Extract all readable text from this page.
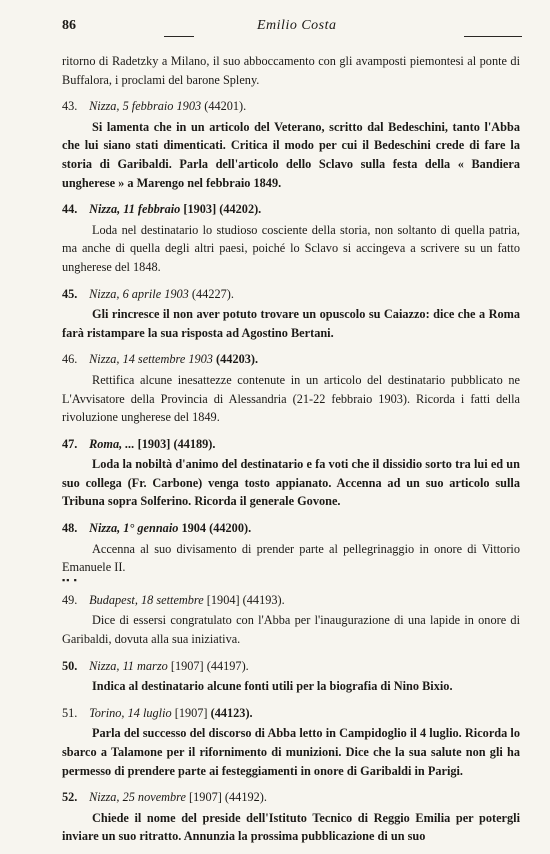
86	Emilio Costa

ritorno di Radetzky a Milano, il suo abboccamento con gli avamposti piemontesi al ponte di Buffalora, i proclami del barone Spleny.

43. Nizza, 5 febbraio 1903 (44201).

Si lamenta che in un articolo del Veterano, scritto dal Bedeschini, tanto l'Abba che lui siano stati dimenticati. Critica il modo per cui il Bedeschini crede di fare la storia di Garibaldi. Parla dell'articolo dello Sclavo sulla festa della « Bandiera ungherese » a Marengo nel febbraio 1849.

44. Nizza, 11 febbraio [1903] (44202).

Loda nel destinatario lo studioso cosciente della storia, non soltanto di quella patria, ma anche di quella degli altri paesi, poiché lo Sclavo si accingeva a scrivere su un fatto ungherese del 1848.

45. Nizza, 6 aprile 1903 (44227).

Gli rincresce il non aver potuto trovare un opuscolo su Caiazzo: dice che a Roma farà ristampare la sua risposta ad Agostino Bertani.

46. Nizza, 14 settembre 1903 (44203).

Rettifica alcune inesattezze contenute in un articolo del destinatario pubblicato ne L'Avvisatore della Provincia di Alessandria (21-22 febbraio 1903). Ricorda i fatti della rivoluzione ungherese del 1849.

47. Roma, ... [1903] (44189).

Loda la nobiltà d'animo del destinatario e fa voti che il dissidio sorto tra lui ed un suo collega (Fr. Carbone) venga tosto appianato. Accenna ad un suo articolo sulla Tribuna sopra Solferino. Ricorda il generale Govone.

48. Nizza, 1° gennaio 1904 (44200).

Accenna al suo divisamento di prender parte al pellegrinaggio in onore di Vittorio Emanuele II.

▪▪ ▪

49. Budapest, 18 settembre [1904] (44193).

Dice di essersi congratulato con l'Abba per l'inaugurazione di una lapide in onore di Garibaldi, dovuta alla sua iniziativa.

50. Nizza, 11 marzo [1907] (44197).

Indica al destinatario alcune fonti utili per la biografia di Nino Bixio.

51. Torino, 14 luglio [1907] (44123).

Parla del successo del discorso di Abba letto in Campidoglio il 4 luglio. Ricorda lo sbarco a Talamone per il rifornimento di munizioni. Dice che la sua salute non gli ha permesso di prendere parte ai festeggiamenti in onore di Garibaldi in Parigi.

52. Nizza, 25 novembre [1907] (44192).

Chiede il nome del preside dell'Istituto Tecnico di Reggio Emilia per potergli inviare un suo ritratto. Annunzia la prossima pubblicazione di un suo
